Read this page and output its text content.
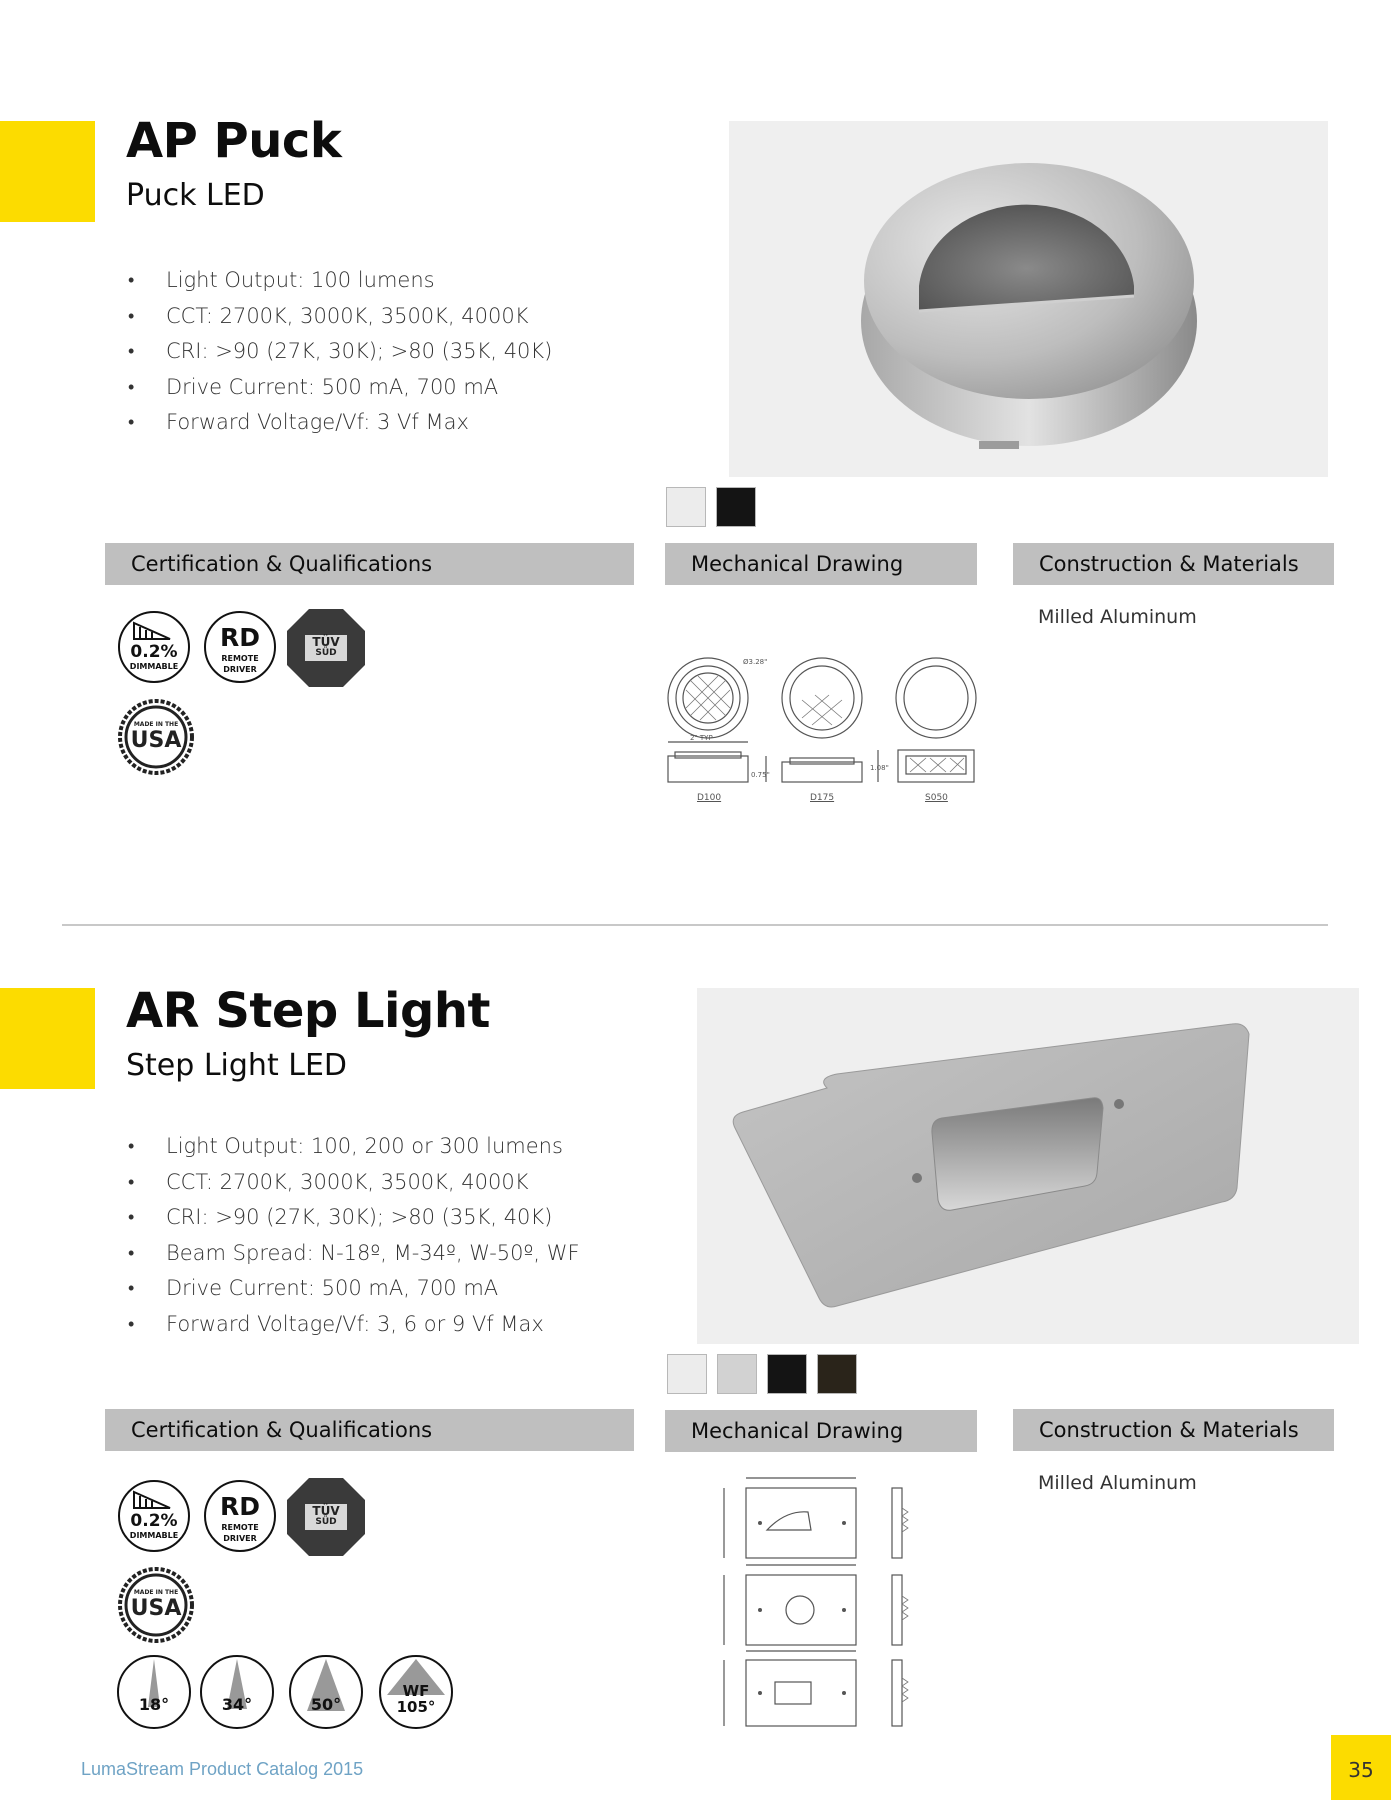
AP Puck
Puck LED
• Light Output: 100 lumens
• CCT: 2700K, 3000K, 3500K, 4000K
• CRI: >90 (27K, 30K); >80 (35K, 40K)
• Drive Current: 500 mA, 700 mA
• Forward Voltage/Vf: 3 Vf Max
Certification & Qualifications	Mechanical Drawing	Construction & Materials
Milled Aluminum
0.2%
DIMMABLE
RD
REMOTE
DRIVER
TÜV
SÜD
MADE IN THE
USA
Ø3.28"
2" TYP
0.75"
1.08"
D100	D175	S050
AR Step Light
Step Light LED
• Light Output: 100, 200 or 300 lumens
• CCT: 2700K, 3000K, 3500K, 4000K
• CRI: >90 (27K, 30K); >80 (35K, 40K)
• Beam Spread: N-18º, M-34º, W-50º, WF
• Drive Current: 500 mA, 700 mA
• Forward Voltage/Vf: 3, 6 or 9 Vf Max
Certification & Qualifications	Mechanical Drawing	Construction & Materials
Milled Aluminum
0.2%
DIMMABLE
RD
REMOTE
DRIVER
TÜV
SÜD
MADE IN THE
USA
18°	34°	50°
WF
105°
LumaStream Product Catalog 2015	35
